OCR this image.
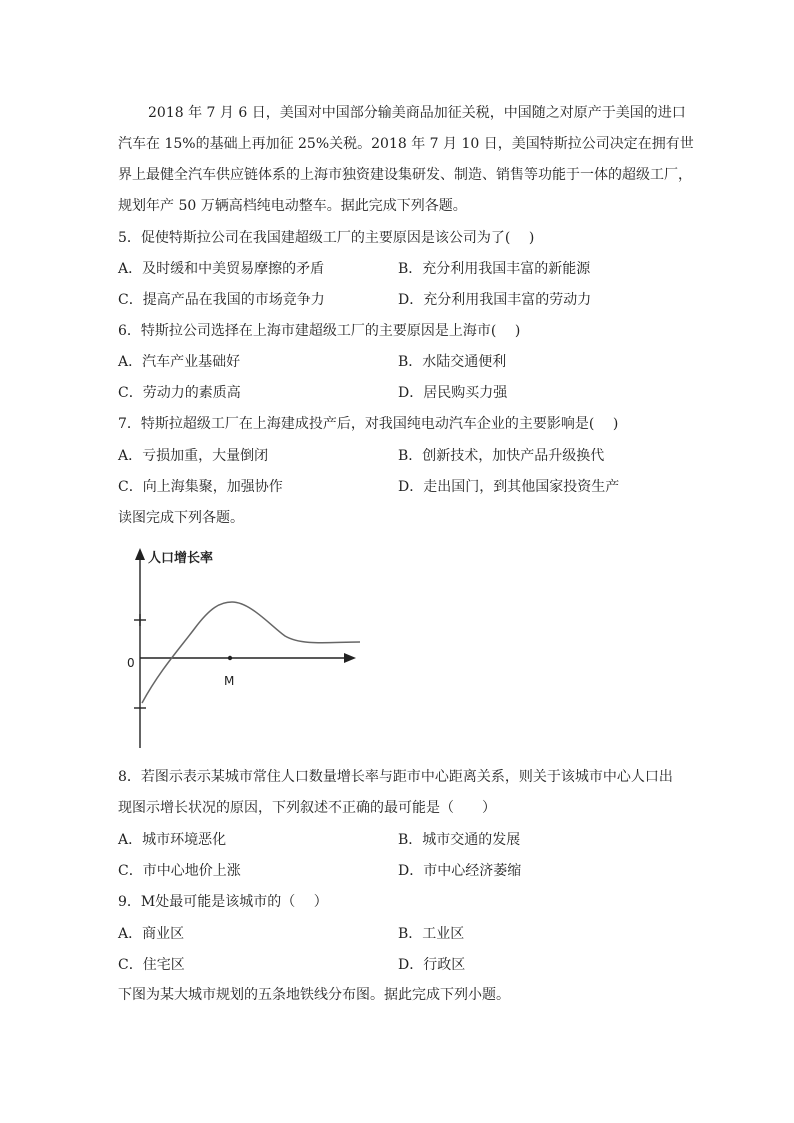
2018 年 7 月 6 日，美国对中国部分输美商品加征关税，中国随之对原产于美国的进口
汽车在 15%的基础上再加征 25%关税。2018 年 7 月 10 日，美国特斯拉公司决定在拥有世
界上最健全汽车供应链体系的上海市独资建设集研发、制造、销售等功能于一体的超级工厂，
规划年产 50 万辆高档纯电动整车。据此完成下列各题。
5．促使特斯拉公司在我国建超级工厂的主要原因是该公司为了(　 )
A．及时缓和中美贸易摩擦的矛盾	B．充分利用我国丰富的新能源
C．提高产品在我国的市场竞争力	D．充分利用我国丰富的劳动力
6．特斯拉公司选择在上海市建超级工厂的主要原因是上海市(　 )
A．汽车产业基础好	B．水陆交通便利
C．劳动力的素质高	D．居民购买力强
7．特斯拉超级工厂在上海建成投产后，对我国纯电动汽车企业的主要影响是(　 )
A．亏损加重，大量倒闭	B．创新技术，加快产品升级换代
C．向上海集聚，加强协作	D．走出国门，到其他国家投资生产
读图完成下列各题。
人口增长率
0
M
8．若图示表示某城市常住人口数量增长率与距市中心距离关系，则关于该城市中心人口出
现图示增长状况的原因，下列叙述不正确的最可能是（　　）
A．城市环境恶化	B．城市交通的发展
C．市中心地价上涨	D．市中心经济萎缩
9．M处最可能是该城市的（　 ）
A．商业区	B．工业区
C．住宅区	D．行政区
下图为某大城市规划的五条地铁线分布图。据此完成下列小题。
